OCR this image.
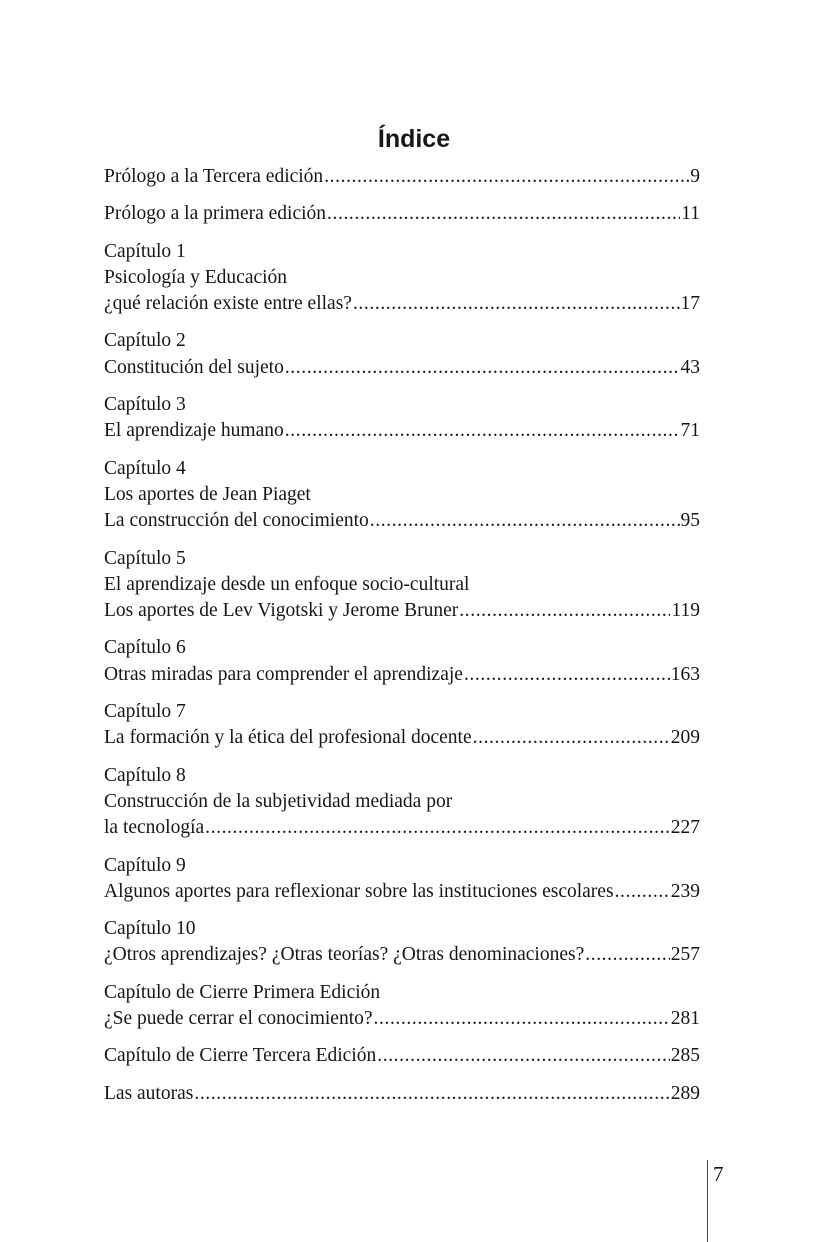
Índice
Prólogo a la Tercera edición .....	9
Prólogo a la primera edición .....	11
Capítulo 1
Psicología y Educación
¿qué relación existe entre ellas? .....	17
Capítulo 2
Constitución del sujeto .....	43
Capítulo 3
El aprendizaje humano .....	71
Capítulo 4
Los aportes de Jean Piaget
La construcción del conocimiento .....	95
Capítulo 5
El aprendizaje desde un enfoque socio-cultural
Los aportes de Lev Vigotski y Jerome Bruner .....	119
Capítulo 6
Otras miradas para comprender el aprendizaje .....	163
Capítulo 7
La formación y la ética del profesional docente .....	209
Capítulo 8
Construcción de la subjetividad mediada por
la tecnología .....	227
Capítulo 9
Algunos aportes para reflexionar sobre las instituciones escolares .....	239
Capítulo 10
¿Otros aprendizajes? ¿Otras teorías? ¿Otras denominaciones? .....	257
Capítulo de Cierre Primera Edición
¿Se puede cerrar el conocimiento? .....	281
Capítulo de Cierre Tercera Edición .....	285
Las autoras .....	289
7
